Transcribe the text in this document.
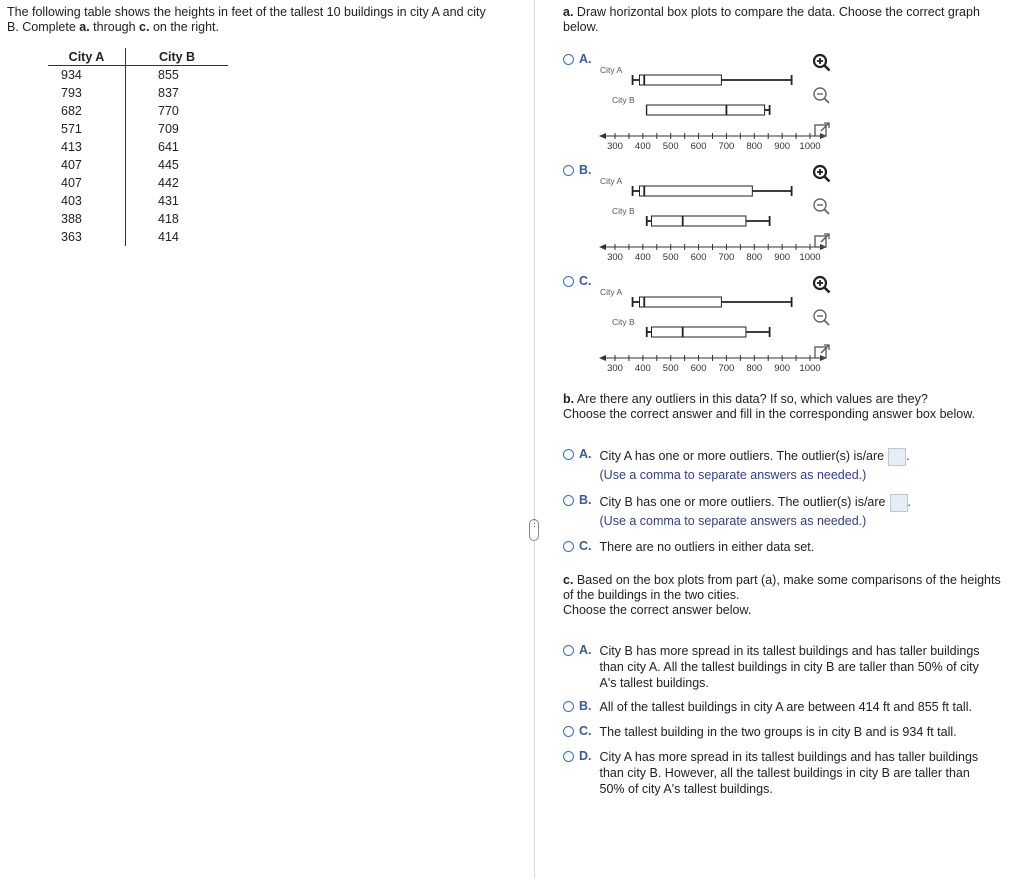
The following table shows the heights in feet of the tallest 10 buildings in city A and city
B. Complete a. through c. on the right.
City A	City B
934	855
793	837
682	770
571	709
413	641
407	445
407	442
403	431
388	418
363	414
⋮
a. Draw horizontal box plots to compare the data. Choose the correct graph
below.
A.
City A
City B
300 400 500 600 700 800 900 1000
B.
City A
City B
300 400 500 600 700 800 900 1000
C.
City A
City B
300 400 500 600 700 800 900 1000
b. Are there any outliers in this data? If so, which values are they?
Choose the correct answer and fill in the corresponding answer box below.
A. City A has one or more outliers. The outlier(s) is/are .
(Use a comma to separate answers as needed.)
B. City B has one or more outliers. The outlier(s) is/are .
(Use a comma to separate answers as needed.)
C. There are no outliers in either data set.
c. Based on the box plots from part (a), make some comparisons of the heights
of the buildings in the two cities.
Choose the correct answer below.
A. City B has more spread in its tallest buildings and has taller buildings
than city A. All the tallest buildings in city B are taller than 50% of city
A's tallest buildings.
B. All of the tallest buildings in city A are between 414 ft and 855 ft tall.
C. The tallest building in the two groups is in city B and is 934 ft tall.
D. City A has more spread in its tallest buildings and has taller buildings
than city B. However, all the tallest buildings in city B are taller than
50% of city A's tallest buildings.
